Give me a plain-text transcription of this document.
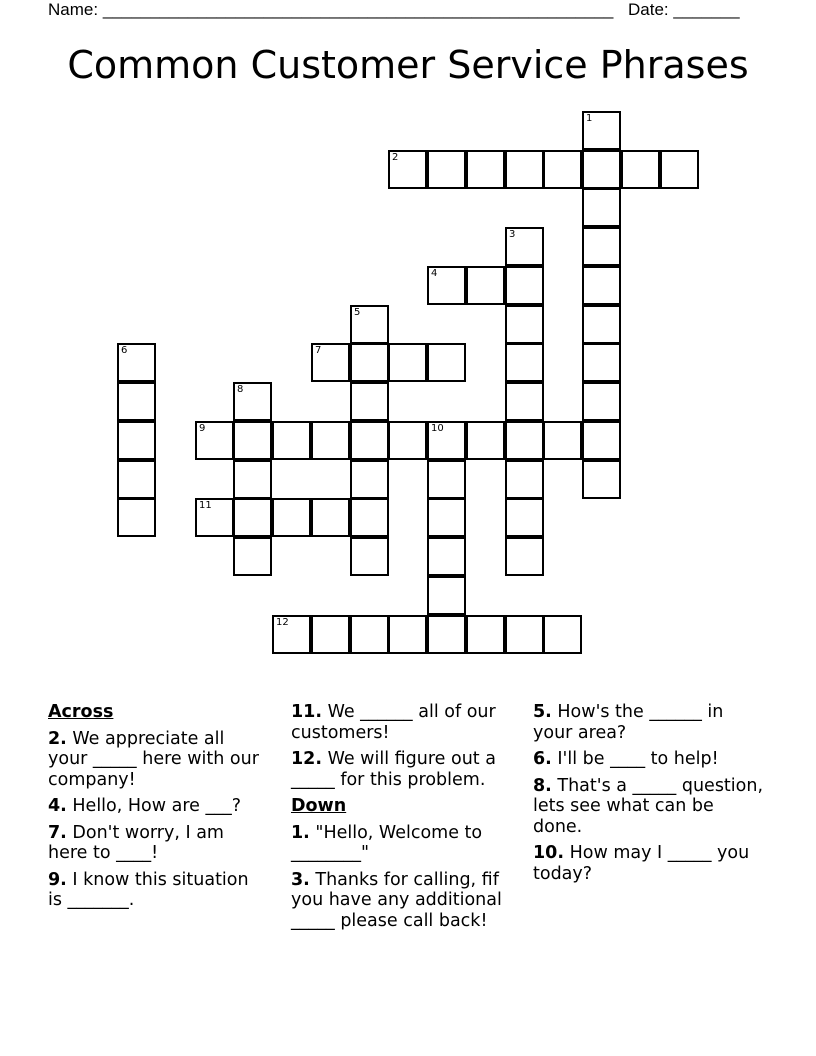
Name: ______________________________________________________ Date: _______
Common Customer Service Phrases
1
2
3
4
5
6	7
8
9	10
11
12
Across
2. We appreciate all your _____ here with our company!
4. Hello, How are ___?
7. Don't worry, I am here to ____!
9. I know this situation is _______.
11. We ______ all of our customers!
12. We will figure out a _____ for this problem.
Down
1. "Hello, Welcome to ________"
3. Thanks for calling, fif you have any additional _____ please call back!
5. How's the ______ in your area?
6. I'll be ____ to help!
8. That's a _____ question, lets see what can be done.
10. How may I _____ you today?
